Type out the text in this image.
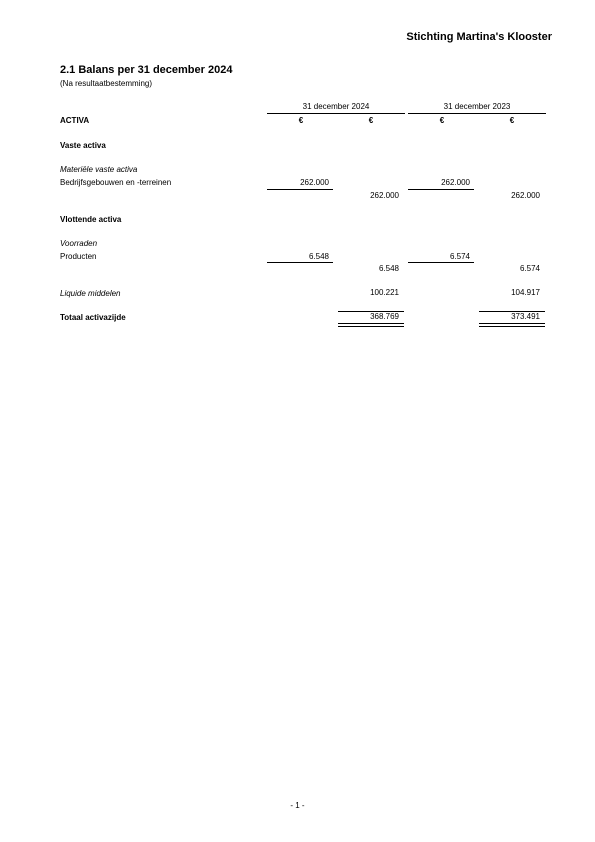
Stichting Martina's Klooster
2.1 Balans per 31 december 2024
(Na resultaatbestemming)
31 december 2024	31 december 2023
ACTIVA	€	€	€	€
Vaste activa
Materiële vaste activa
Bedrijfsgebouwen en -terreinen	262.000	262.000
262.000	262.000
Vlottende activa
Voorraden
Producten	6.548	6.574
6.548	6.574
Liquide middelen	100.221	104.917
Totaal activazijde	368.769	373.491
- 1 -
